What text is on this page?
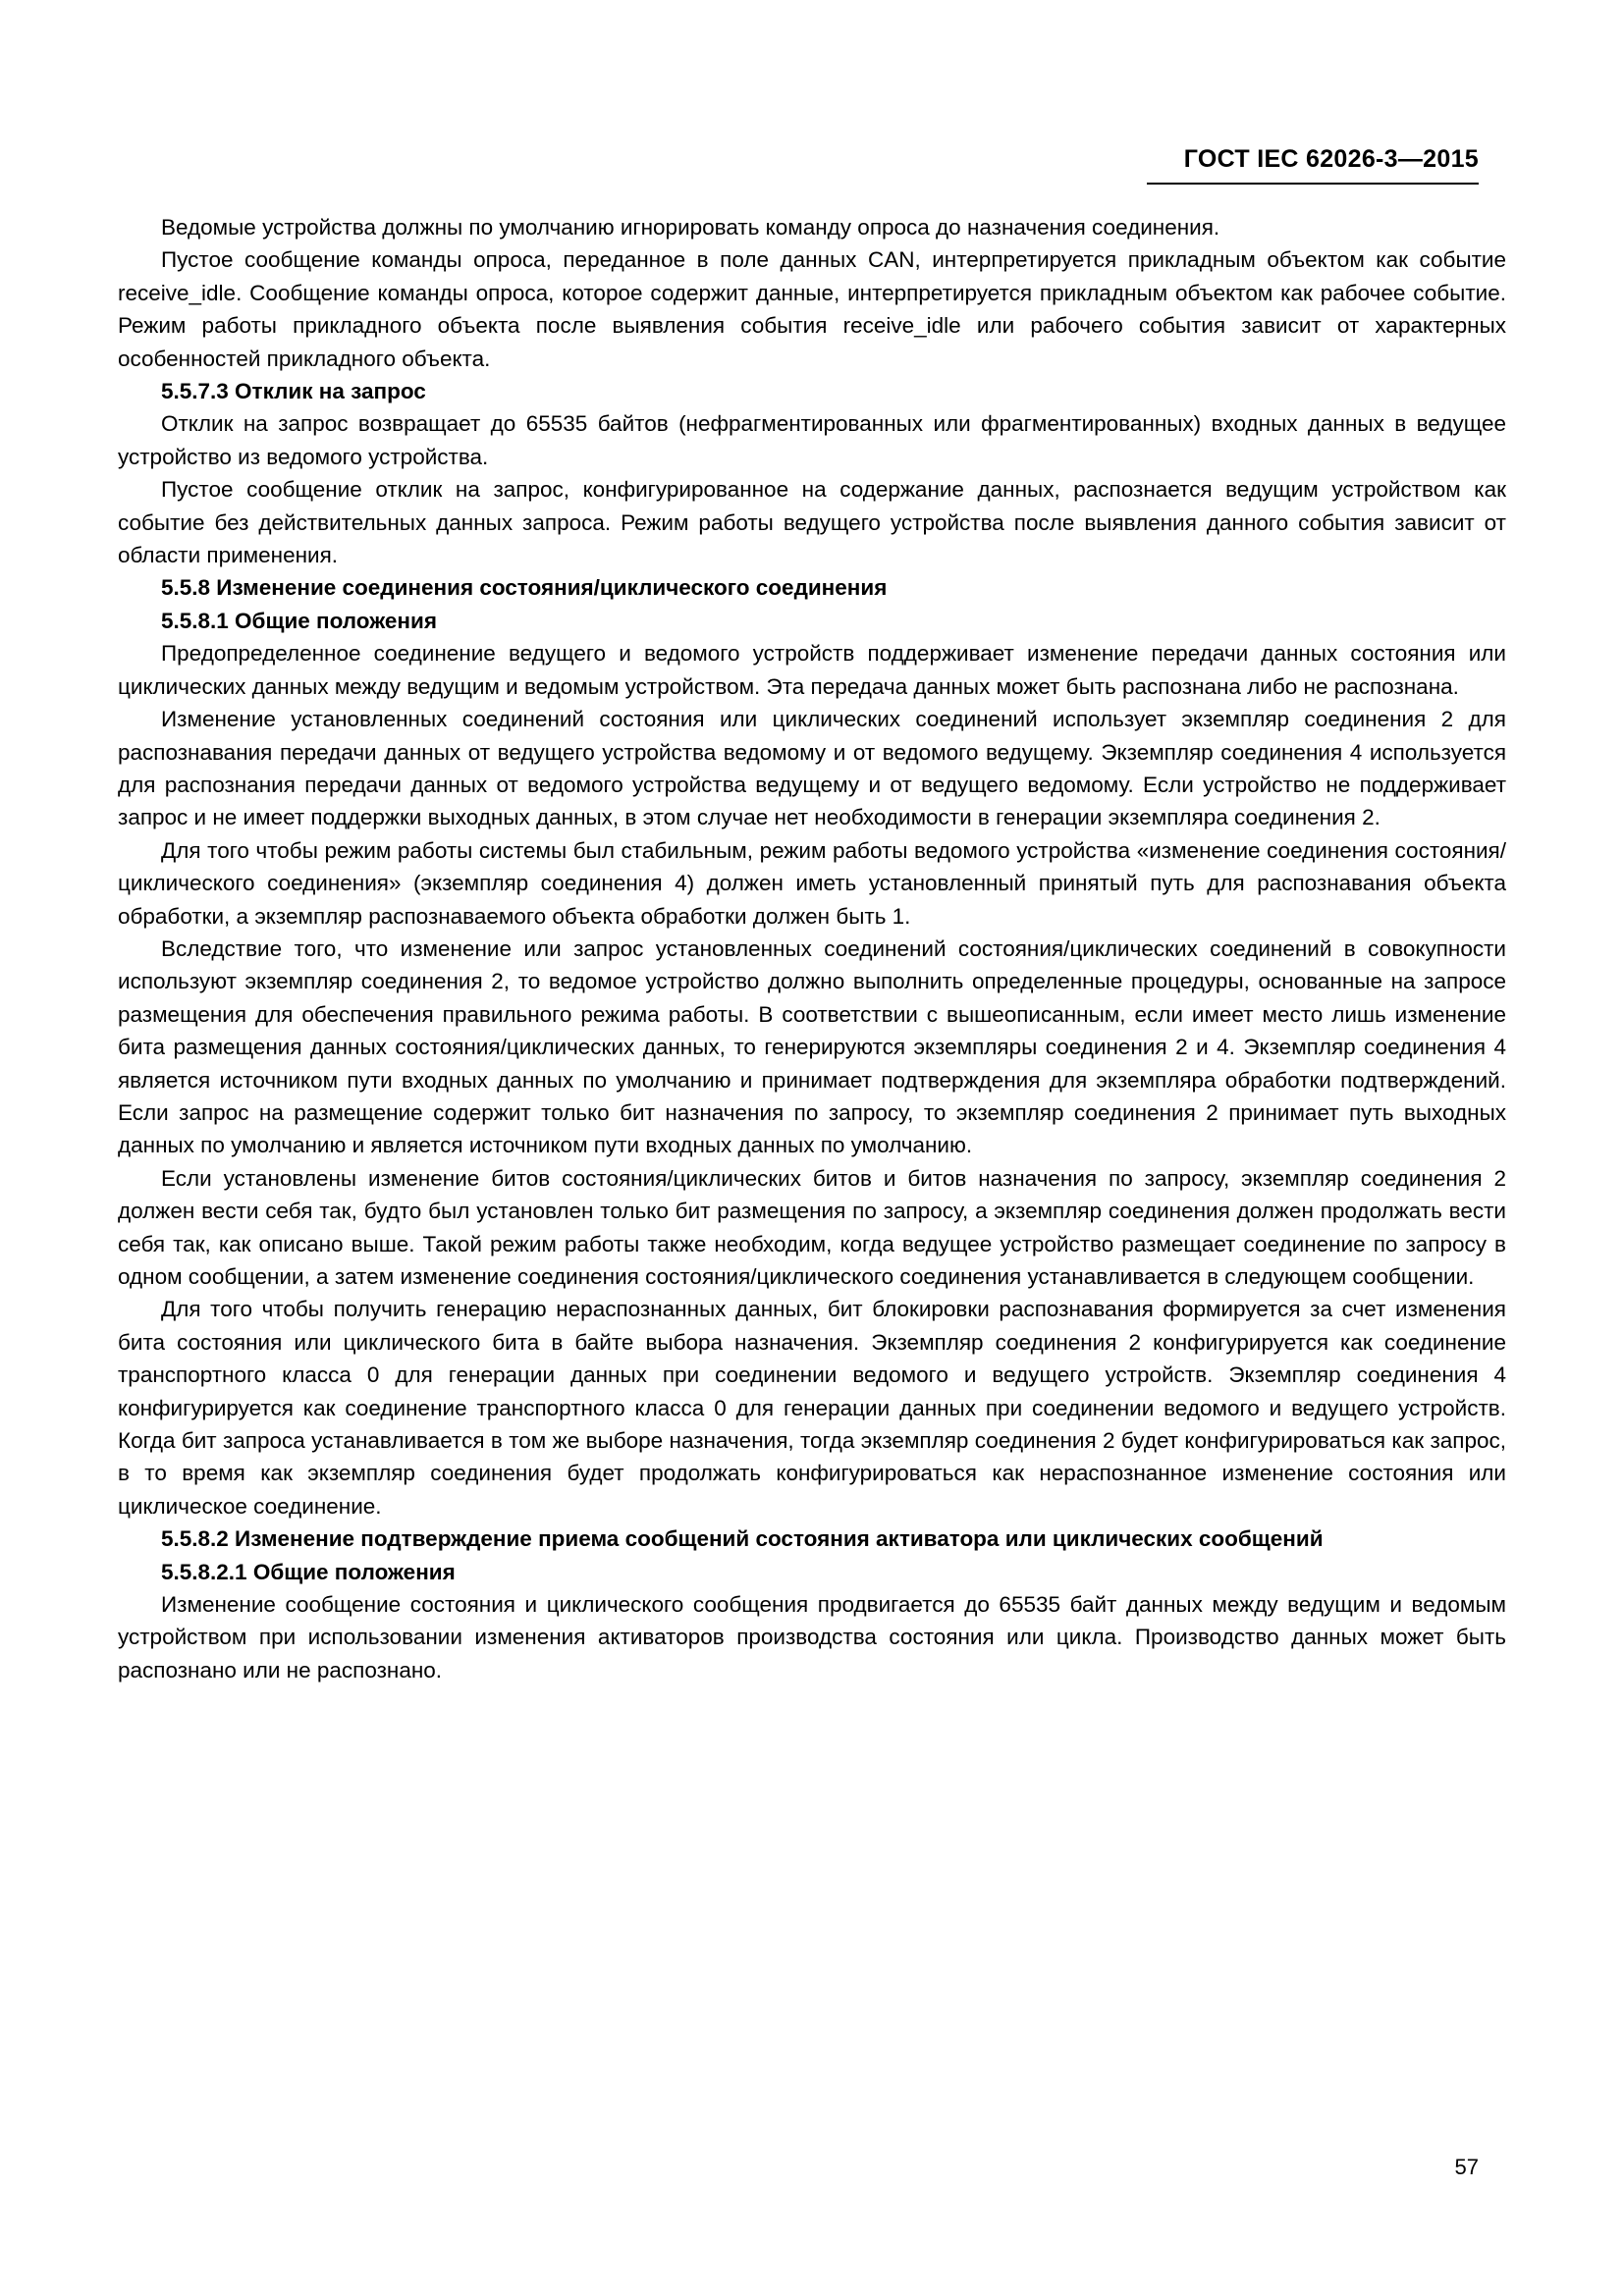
ГОСТ IEC 62026-3—2015

Ведомые устройства должны по умолчанию игнорировать команду опроса до назначения соединения.

Пустое сообщение команды опроса, переданное в поле данных CAN, интерпретируется прикладным объектом как событие receive_idle. Сообщение команды опроса, которое содержит данные, интерпретируется прикладным объектом как рабочее событие. Режим работы прикладного объекта после выявления события receive_idle или рабочего события зависит от характерных особенностей прикладного объекта.

5.5.7.3 Отклик на запрос

Отклик на запрос возвращает до 65535 байтов (нефрагментированных или фрагментированных) входных данных в ведущее устройство из ведомого устройства.

Пустое сообщение отклик на запрос, конфигурированное на содержание данных, распознается ведущим устройством как событие без действительных данных запроса. Режим работы ведущего устройства после выявления данного события зависит от области применения.

5.5.8 Изменение соединения состояния/циклического соединения
5.5.8.1 Общие положения

Предопределенное соединение ведущего и ведомого устройств поддерживает изменение передачи данных состояния или циклических данных между ведущим и ведомым устройством. Эта передача данных может быть распознана либо не распознана.

Изменение установленных соединений состояния или циклических соединений использует экземпляр соединения 2 для распознавания передачи данных от ведущего устройства ведомому и от ведомого ведущему. Экземпляр соединения 4 используется для распознания передачи данных от ведомого устройства ведущему и от ведущего ведомому. Если устройство не поддерживает запрос и не имеет поддержки выходных данных, в этом случае нет необходимости в генерации экземпляра соединения 2.

Для того чтобы режим работы системы был стабильным, режим работы ведомого устройства «изменение соединения состояния/циклического соединения» (экземпляр соединения 4) должен иметь установленный принятый путь для распознавания объекта обработки, а экземпляр распознаваемого объекта обработки должен быть 1.

Вследствие того, что изменение или запрос установленных соединений состояния/циклических соединений в совокупности используют экземпляр соединения 2, то ведомое устройство должно выполнить определенные процедуры, основанные на запросе размещения для обеспечения правильного режима работы. В соответствии с вышеописанным, если имеет место лишь изменение бита размещения данных состояния/циклических данных, то генерируются экземпляры соединения 2 и 4. Экземпляр соединения 4 является источником пути входных данных по умолчанию и принимает подтверждения для экземпляра обработки подтверждений. Если запрос на размещение содержит только бит назначения по запросу, то экземпляр соединения 2 принимает путь выходных данных по умолчанию и является источником пути входных данных по умолчанию.

Если установлены изменение битов состояния/циклических битов и битов назначения по запросу, экземпляр соединения 2 должен вести себя так, будто был установлен только бит размещения по запросу, а экземпляр соединения должен продолжать вести себя так, как описано выше. Такой режим работы также необходим, когда ведущее устройство размещает соединение по запросу в одном сообщении, а затем изменение соединения состояния/циклического соединения устанавливается в следующем сообщении.

Для того чтобы получить генерацию нераспознанных данных, бит блокировки распознавания формируется за счет изменения бита состояния или циклического бита в байте выбора назначения. Экземпляр соединения 2 конфигурируется как соединение транспортного класса 0 для генерации данных при соединении ведомого и ведущего устройств. Экземпляр соединения 4 конфигурируется как соединение транспортного класса 0 для генерации данных при соединении ведомого и ведущего устройств. Когда бит запроса устанавливается в том же выборе назначения, тогда экземпляр соединения 2 будет конфигурироваться как запрос, в то время как экземпляр соединения будет продолжать конфигурироваться как нераспознанное изменение состояния или циклическое соединение.

5.5.8.2 Изменение подтверждение приема сообщений состояния активатора или циклических сообщений
5.5.8.2.1 Общие положения

Изменение сообщение состояния и циклического сообщения продвигается до 65535 байт данных между ведущим и ведомым устройством при использовании изменения активаторов производства состояния или цикла. Производство данных может быть распознано или не распознано.

57
